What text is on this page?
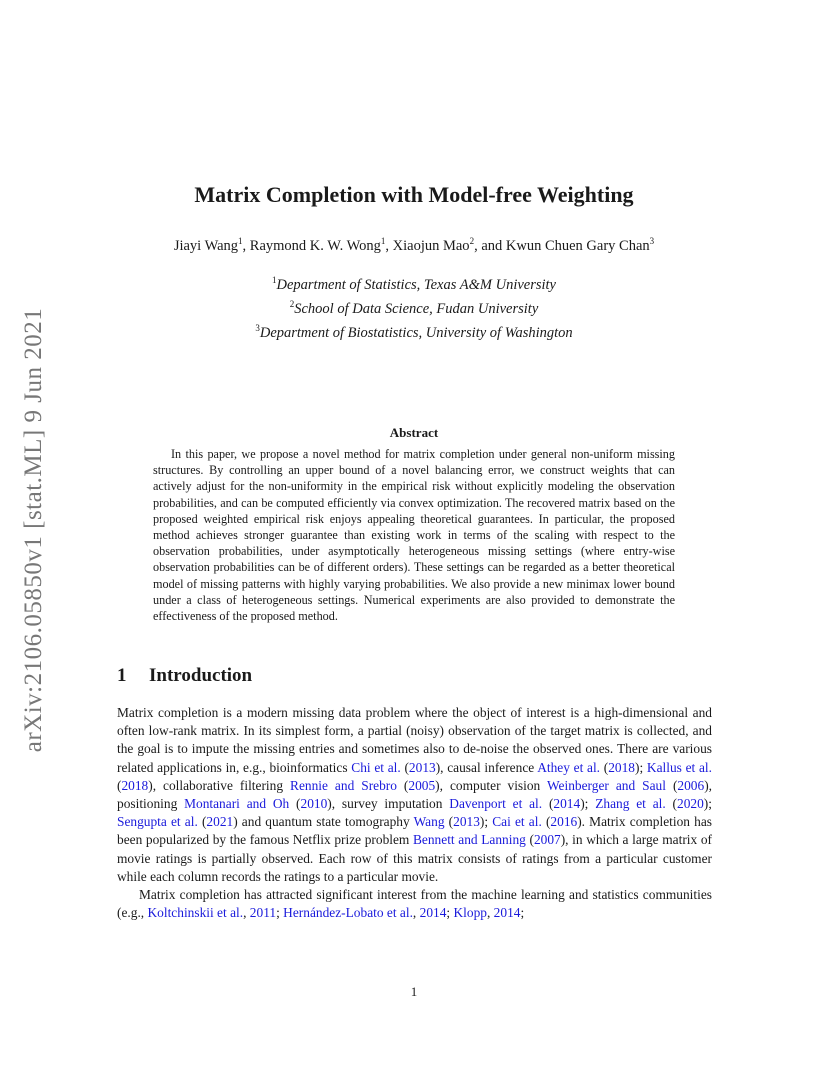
arXiv:2106.05850v1 [stat.ML] 9 Jun 2021
Matrix Completion with Model-free Weighting
Jiayi Wang$^1$, Raymond K. W. Wong$^1$, Xiaojun Mao$^2$, and Kwun Chuen Gary Chan$^3$
$^1$Department of Statistics, Texas A&M University
$^2$School of Data Science, Fudan University
$^3$Department of Biostatistics, University of Washington
Abstract

In this paper, we propose a novel method for matrix completion under general non-uniform missing structures. By controlling an upper bound of a novel balancing error, we construct weights that can actively adjust for the non-uniformity in the empirical risk without explicitly modeling the observation probabilities, and can be computed efficiently via convex optimization. The recovered matrix based on the proposed weighted empirical risk enjoys appealing theoretical guarantees. In particular, the proposed method achieves stronger guarantee than existing work in terms of the scaling with respect to the observation probabilities, under asymptotically heterogeneous missing settings (where entry-wise observation probabilities can be of different orders). These settings can be regarded as a better theoretical model of missing patterns with highly varying probabilities. We also provide a new minimax lower bound under a class of heterogeneous settings. Numerical experiments are also provided to demonstrate the effectiveness of the proposed method.

1 Introduction

Matrix completion is a modern missing data problem where the object of interest is a high-dimensional and often low-rank matrix. In its simplest form, a partial (noisy) observation of the target matrix is collected, and the goal is to impute the missing entries and sometimes also to de-noise the observed ones. There are various related applications in, e.g., bioinformatics Chi et al. (2013), causal inference Athey et al. (2018); Kallus et al. (2018), collaborative filtering Rennie and Srebro (2005), computer vision Weinberger and Saul (2006), positioning Montanari and Oh (2010), survey imputation Davenport et al. (2014); Zhang et al. (2020); Sengupta et al. (2021) and quantum state tomography Wang (2013); Cai et al. (2016). Matrix completion has been popularized by the famous Netflix prize problem Bennett and Lanning (2007), in which a large matrix of movie ratings is partially observed. Each row of this matrix consists of ratings from a particular customer while each column records the ratings to a particular movie.

Matrix completion has attracted significant interest from the machine learning and statistics communities (e.g., Koltchinskii et al., 2011; Hernández-Lobato et al., 2014; Klopp, 2014;

1
